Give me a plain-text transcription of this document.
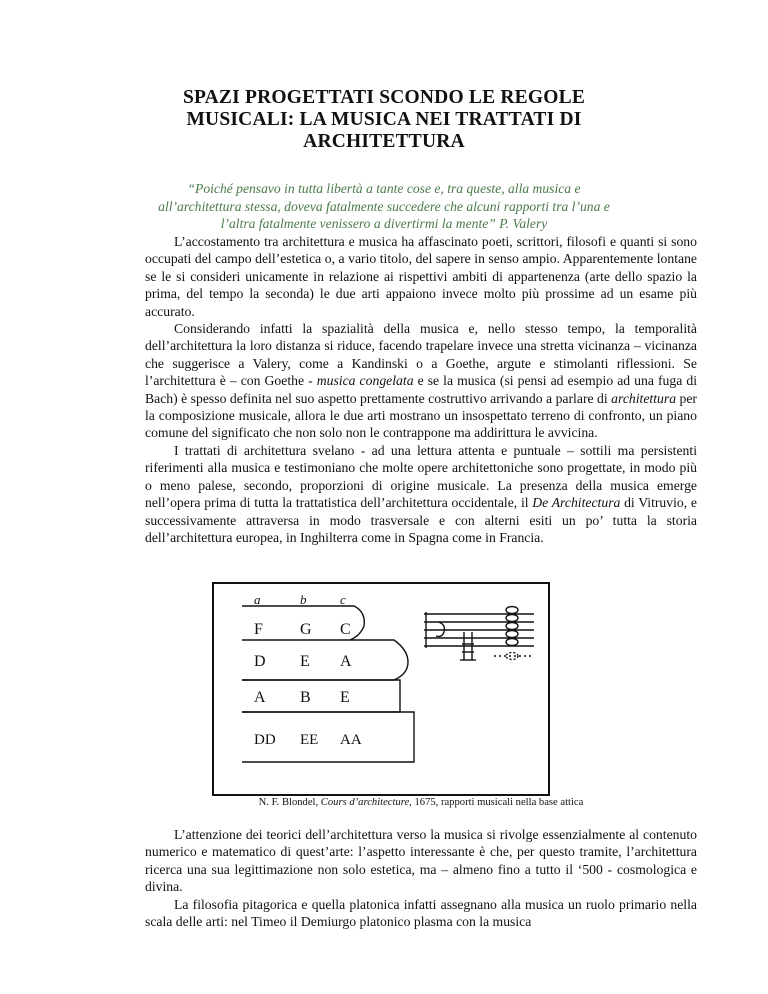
SPAZI PROGETTATI SCONDO LE REGOLE
MUSICALI: LA MUSICA NEI TRATTATI DI
ARCHITETTURA
“Poiché pensavo in tutta libertà a tante cose e, tra queste, alla musica e
all’architettura stessa, doveva fatalmente succedere che alcuni rapporti tra l’una e
l’altra fatalmente venissero a divertirmi la mente” P. Valery

L’accostamento tra architettura e musica ha affascinato poeti, scrittori, filosofi e quanti si sono occupati del campo dell’estetica o, a vario titolo, del sapere in senso ampio. Apparentemente lontane se le si consideri unicamente in relazione ai rispettivi ambiti di appartenenza (arte dello spazio la prima, del tempo la seconda) le due arti appaiono invece molto più prossime ad un esame più accurato.

Considerando infatti la spazialità della musica e, nello stesso tempo, la temporalità dell’architettura la loro distanza si riduce, facendo trapelare invece una stretta vicinanza – vicinanza che suggerisce a Valery, come a Kandinski o a Goethe, argute e stimolanti riflessioni. Se l’architettura è – con Goethe - musica congelata e se la musica (si pensi ad esempio ad una fuga di Bach) è spesso definita nel suo aspetto prettamente costruttivo arrivando a parlare di architettura per la composizione musicale, allora le due arti mostrano un insospettato terreno di confronto, un piano comune del significato che non solo non le contrappone ma addirittura le avvicina.

I trattati di architettura svelano - ad una lettura attenta e puntuale – sottili ma persistenti riferimenti alla musica e testimoniano che molte opere architettoniche sono progettate, in modo più o meno palese, secondo, proporzioni di origine musicale. La presenza della musica emerge nell’opera prima di tutta la trattatistica dell’architettura occidentale, il De Architectura di Vitruvio, e successivamente attraversa in modo trasversale e con alterni esiti un po’ tutta la storia dell’architettura europea, in Inghilterra come in Spagna come in Francia.

a	b	c
F G C
D E A
A B E
DD EE AA
N. F. Blondel, Cours d’architecture, 1675, rapporti musicali nella base attica

L’attenzione dei teorici dell’architettura verso la musica si rivolge essenzialmente al contenuto numerico e matematico di quest’arte: l’aspetto interessante è che, per questo tramite, l’architettura ricerca una sua legittimazione non solo estetica, ma – almeno fino a tutto il ‘500 - cosmologica e divina.

La filosofia pitagorica e quella platonica infatti assegnano alla musica un ruolo primario nella scala delle arti: nel Timeo il Demiurgo platonico plasma con la musica
